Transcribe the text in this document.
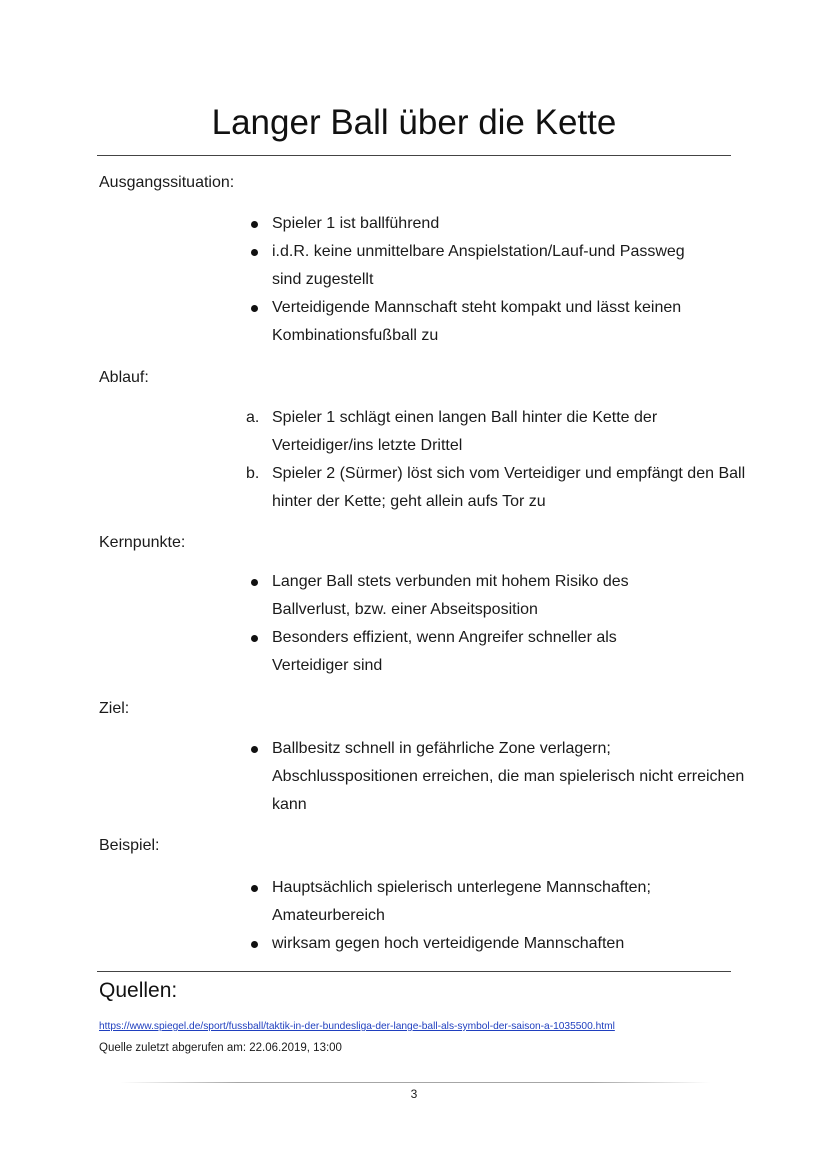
Langer Ball über die Kette
Ausgangssituation:
Spieler 1 ist ballführend
i.d.R. keine unmittelbare Anspielstation/Lauf-und Passweg sind zugestellt
Verteidigende Mannschaft steht kompakt und lässt keinen Kombinationsfußball zu
Ablauf:
a. Spieler 1 schlägt einen langen Ball hinter die Kette der Verteidiger/ins letzte Drittel
b. Spieler 2 (Sürmer) löst sich vom Verteidiger und empfängt den Ball hinter der Kette; geht allein aufs Tor zu
Kernpunkte:
Langer Ball stets verbunden mit hohem Risiko des Ballverlust, bzw. einer Abseitsposition
Besonders effizient, wenn Angreifer schneller als Verteidiger sind
Ziel:
Ballbesitz schnell in gefährliche Zone verlagern; Abschlusspositionen erreichen, die man spielerisch nicht erreichen kann
Beispiel:
Hauptsächlich spielerisch unterlegene Mannschaften; Amateurbereich
wirksam gegen hoch verteidigende Mannschaften
Quellen:
https://www.spiegel.de/sport/fussball/taktik-in-der-bundesliga-der-lange-ball-als-symbol-der-saison-a-1035500.html
Quelle zuletzt abgerufen am: 22.06.2019, 13:00
3
